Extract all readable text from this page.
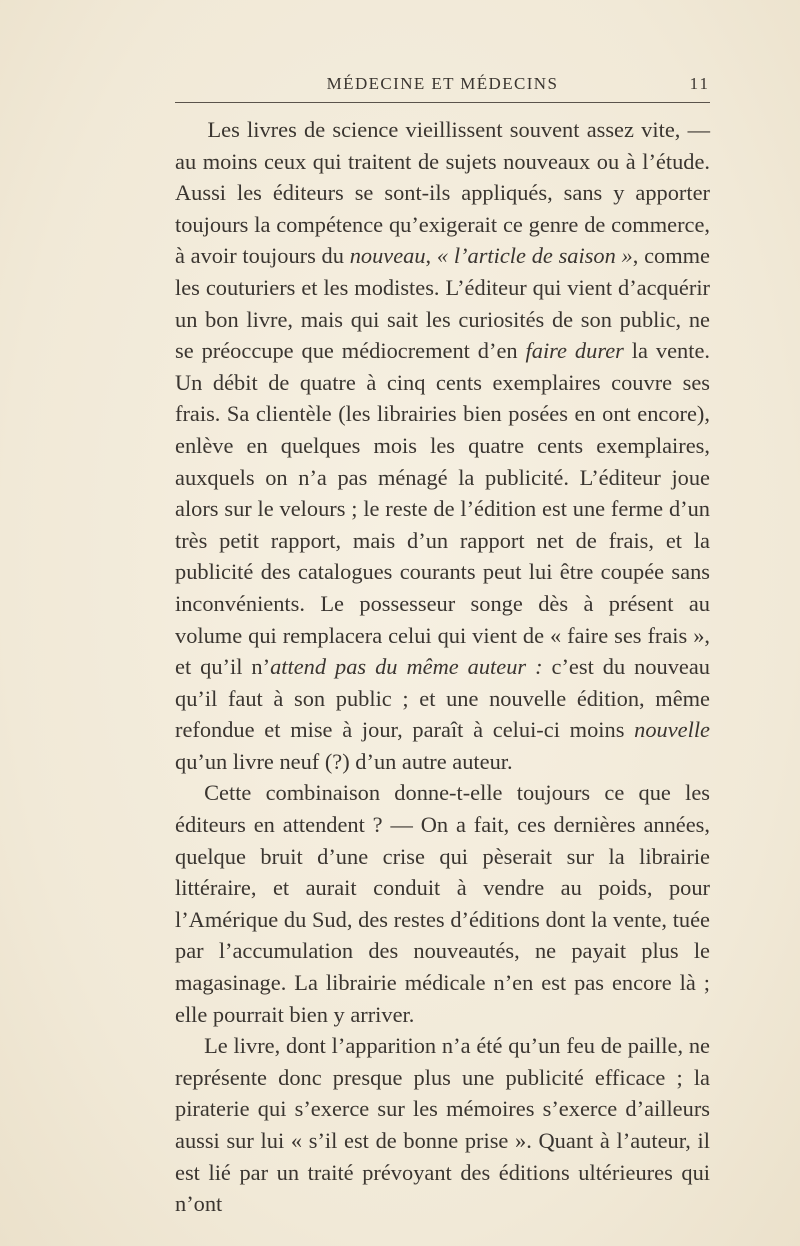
MÉDECINE ET MÉDECINS	11

Les livres de science vieillissent souvent assez vite, — au moins ceux qui traitent de sujets nouveaux ou à l’étude. Aussi les éditeurs se sont-ils appliqués, sans y apporter toujours la compétence qu’exigerait ce genre de commerce, à avoir toujours du nouveau, « l’article de saison », comme les couturiers et les modistes. L’éditeur qui vient d’acquérir un bon livre, mais qui sait les curiosités de son public, ne se préoccupe que médiocrement d’en faire durer la vente. Un débit de quatre à cinq cents exemplaires couvre ses frais. Sa clientèle (les librairies bien posées en ont encore), enlève en quelques mois les quatre cents exemplaires, auxquels on n’a pas ménagé la publicité. L’éditeur joue alors sur le velours ; le reste de l’édition est une ferme d’un très petit rapport, mais d’un rapport net de frais, et la publicité des catalogues courants peut lui être coupée sans inconvénients. Le possesseur songe dès à présent au volume qui remplacera celui qui vient de « faire ses frais », et qu’il n’attend pas du même auteur : c’est du nouveau qu’il faut à son public ; et une nouvelle édition, même refondue et mise à jour, paraît à celui-ci moins nouvelle qu’un livre neuf (?) d’un autre auteur.

Cette combinaison donne-t-elle toujours ce que les éditeurs en attendent ? — On a fait, ces dernières années, quelque bruit d’une crise qui pèserait sur la librairie littéraire, et aurait conduit à vendre au poids, pour l’Amérique du Sud, des restes d’éditions dont la vente, tuée par l’accumulation des nouveautés, ne payait plus le magasinage. La librairie médicale n’en est pas encore là ; elle pourrait bien y arriver.

Le livre, dont l’apparition n’a été qu’un feu de paille, ne représente donc presque plus une publicité efficace ; la piraterie qui s’exerce sur les mémoires s’exerce d’ailleurs aussi sur lui « s’il est de bonne prise ». Quant à l’auteur, il est lié par un traité prévoyant des éditions ultérieures qui n’ont
